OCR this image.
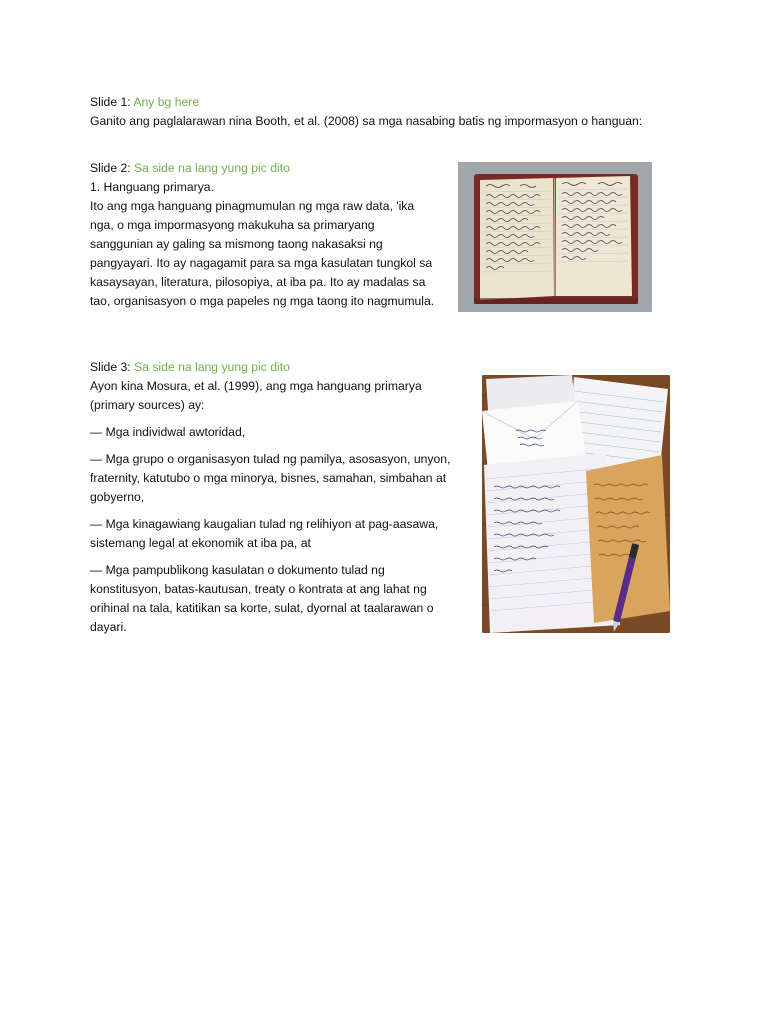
Slide 1: Any bg here

Ganito ang paglalarawan nina Booth, et al. (2008) sa mga nasabing batis ng impormasyon o hanguan:

Slide 2: Sa side na lang yung pic dito

1. Hanguang primarya.

Ito ang mga hanguang pinagmumulan ng mga raw data, 'ika
nga, o mga impormasyong makukuha sa primaryang
sanggunian ay galing sa mismong taong nakasaksi ng
pangyayari. Ito ay nagagamit para sa mga kasulatan tungkol sa
kasaysayan, literatura, pilosopiya, at iba pa. Ito ay madalas sa
tao, organisasyon o mga papeles ng mga taong ito nagmumula.

Slide 3: Sa side na lang yung pic dito

Ayon kina Mosura, et al. (1999), ang mga hanguang primarya
(primary sources) ay:

— Mga individwal awtoridad,

— Mga grupo o organisasyon tulad ng pamilya, asosasyon, unyon,
fraternity, katutubo o mga minorya, bisnes, samahan, simbahan at
gobyerno,

— Mga kinagawiang kaugalian tulad ng relihiyon at pag-aasawa,
sistemang legal at ekonomik at iba pa, at

— Mga pampublikong kasulatan o dokumento tulad ng
konstitusyon, batas-kautusan, treaty o kontrata at ang lahat ng
orihinal na tala, katitikan sa korte, sulat, dyornal at taalarawan o
dayari.
